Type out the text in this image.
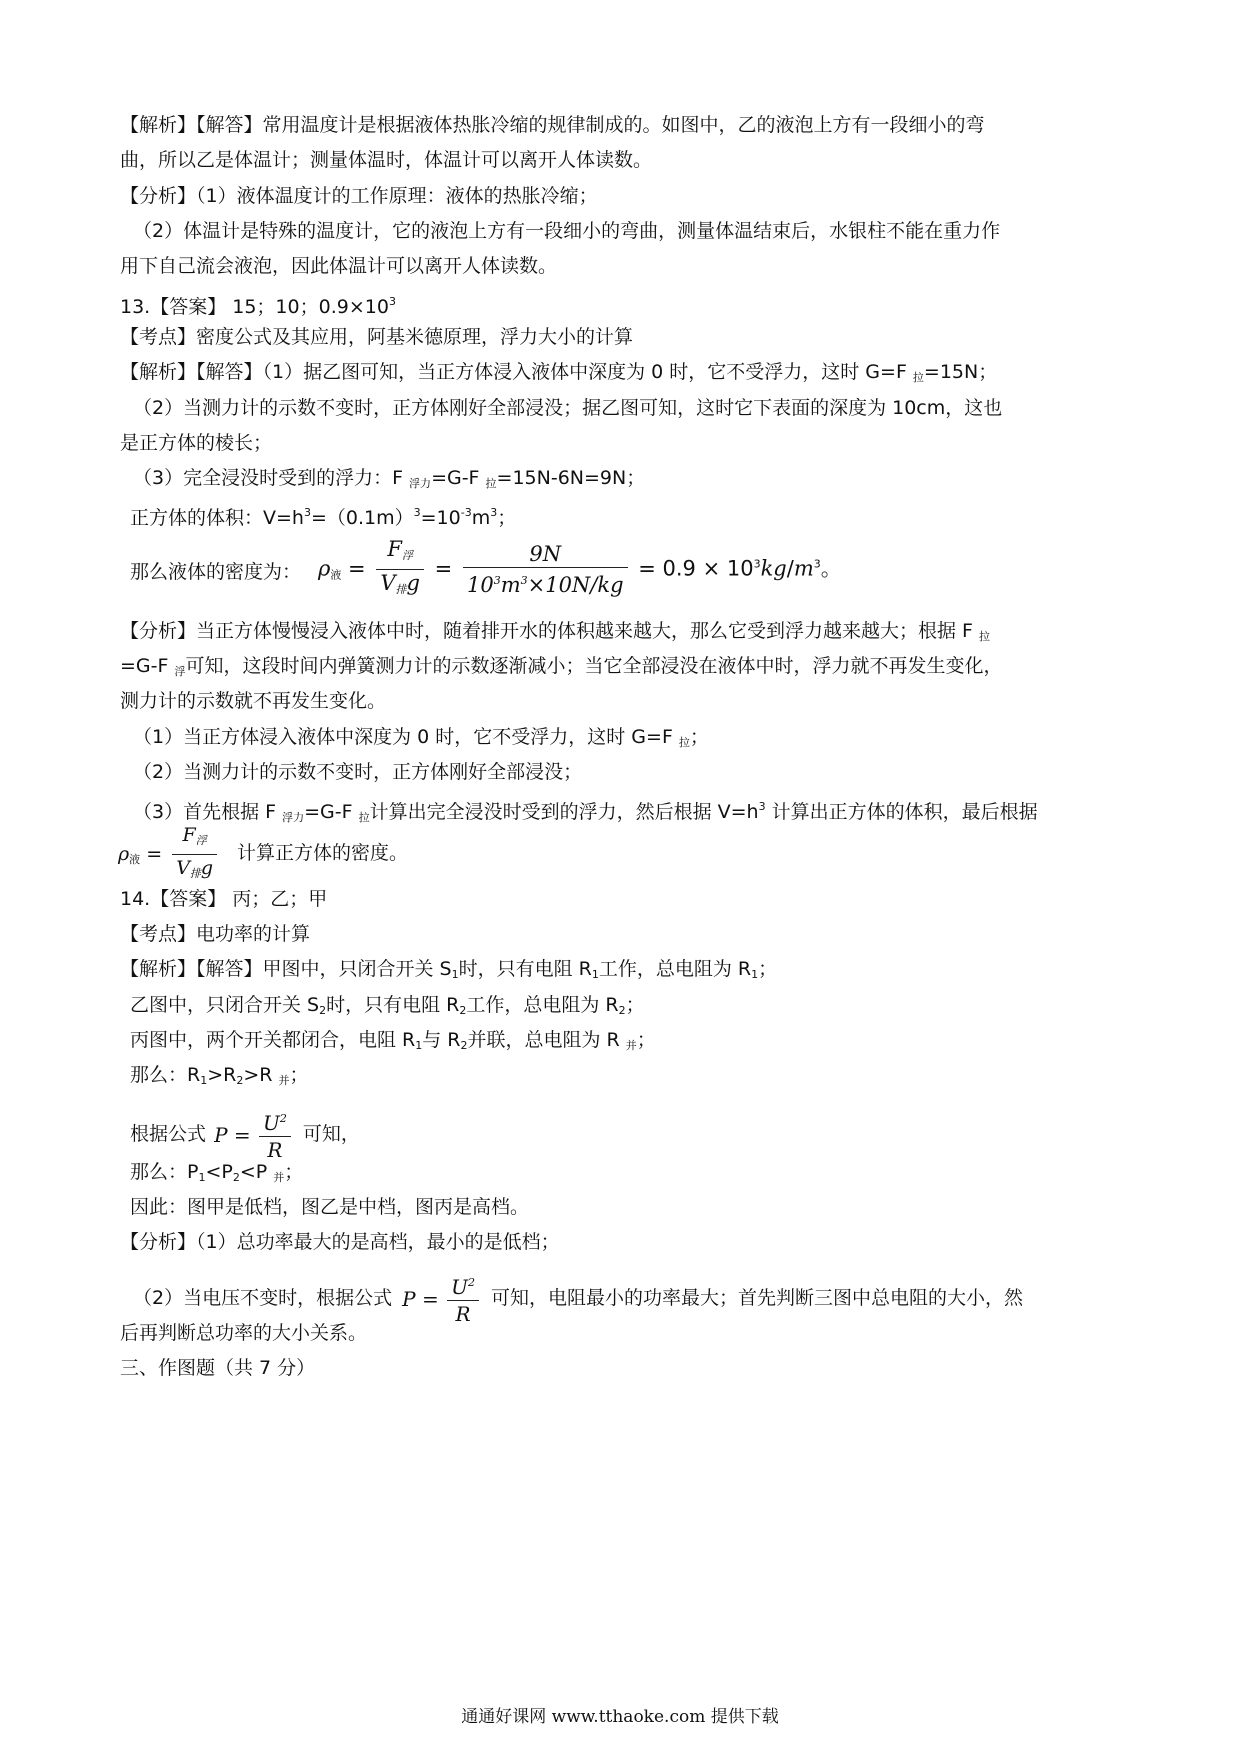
【解析】【解答】常用温度计是根据液体热胀冷缩的规律制成的。如图中，乙的液泡上方有一段细小的弯
曲，所以乙是体温计；测量体温时，体温计可以离开人体读数。
【分析】（1）液体温度计的工作原理：液体的热胀冷缩；
（2）体温计是特殊的温度计，它的液泡上方有一段细小的弯曲，测量体温结束后，水银柱不能在重力作
用下自己流会液泡，因此体温计可以离开人体读数。
13.【答案】 15；10；$0.9\times 10^3$
【考点】密度公式及其应用，阿基米德原理，浮力大小的计算
【解析】【解答】（1）据乙图可知，当正方体浸入液体中深度为 0 时，它不受浮力，这时 G=F $_拉$=15N；
（2）当测力计的示数不变时，正方体刚好全部浸没；据乙图可知，这时它下表面的深度为 10cm，这也
是正方体的棱长；
（3）完全浸没时受到的浮力：F $_{浮力}$=G-F $_拉$=15N-6N=9N；
正方体的体积：$V=h^3=(0.1m)^3=10^{-3}m^3$；
那么液体的密度为： $\rho_液 = \frac{F_浮}{V_排g} = \frac{9N}{10^3m^3\times 10N/kg} = 0.9 \times 10^3kg/m^3$。
【分析】当正方体慢慢浸入液体中时，随着排开水的体积越来越大，那么它受到浮力越来越大；根据 F $_拉$
=G-F $_浮$可知，这段时间内弹簧测力计的示数逐渐减小；当它全部浸没在液体中时，浮力就不再发生变化，
测力计的示数就不再发生变化。
（1）当正方体浸入液体中深度为 0 时，它不受浮力，这时 G=F $_拉$；
（2）当测力计的示数不变时，正方体刚好全部浸没；
（3）首先根据 F $_{浮力}$=G-F $_拉$计算出完全浸没时受到的浮力，然后根据 $V=h^3$ 计算出正方体的体积，最后根据
$\rho_液 = \frac{F_浮}{V_排g}$ 计算正方体的密度。
14.【答案】 丙；乙；甲
【考点】电功率的计算
【解析】【解答】甲图中，只闭合开关 $S_1$时，只有电阻 $R_1$工作，总电阻为 $R_1$；
乙图中，只闭合开关 $S_2$时，只有电阻 $R_2$工作，总电阻为 $R_2$；
丙图中，两个开关都闭合，电阻 $R_1$与 $R_2$并联，总电阻为 R $_并$；
那么：$R_1>R_2>R$ $_并$；
根据公式 $P = \frac{U^2}{R}$ 可知，
那么：$P_1<P_2<P$ $_并$；
因此：图甲是低档，图乙是中档，图丙是高档。
【分析】（1）总功率最大的是高档，最小的是低档；
（2）当电压不变时，根据公式 $P = \frac{U^2}{R}$ 可知，电阻最小的功率最大；首先判断三图中总电阻的大小，然
后再判断总功率的大小关系。
三、作图题（共 7 分）
通通好课网 www.tthaoke.com 提供下载
